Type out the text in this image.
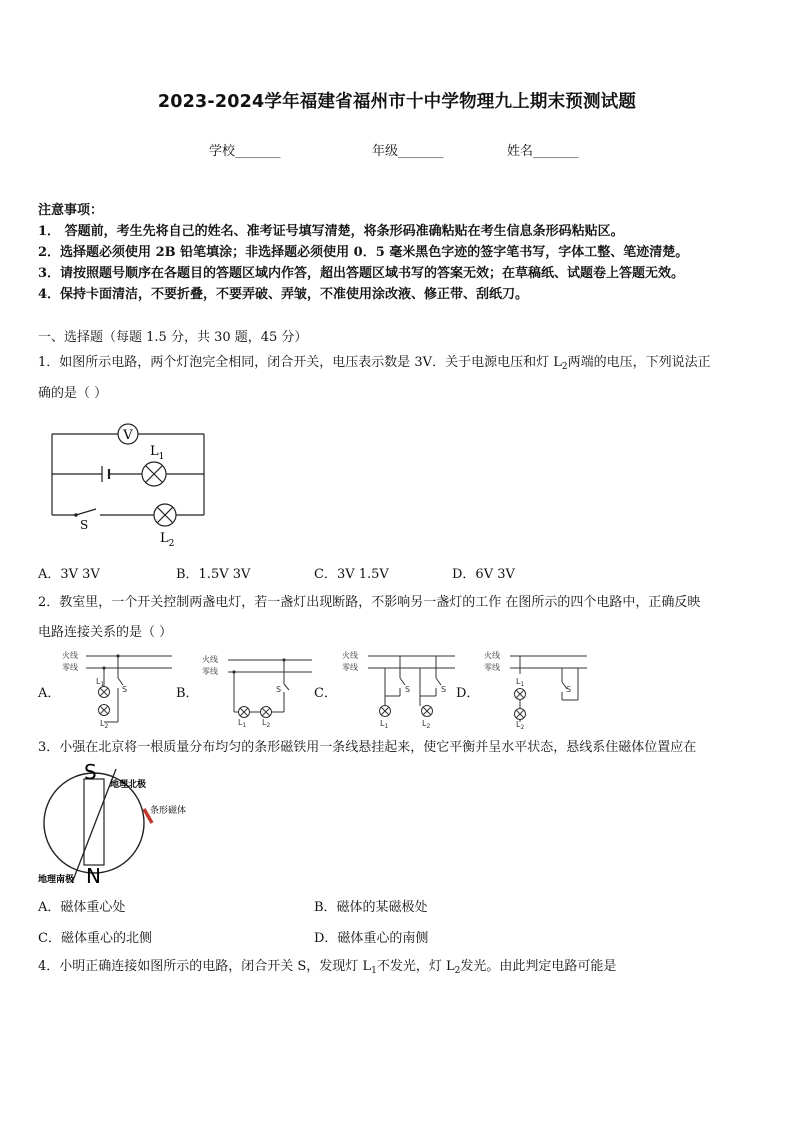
2023-2024学年福建省福州市十中学物理九上期末预测试题
学校_______	年级_______	姓名_______
注意事项：
1． 答题前，考生先将自己的姓名、准考证号填写清楚，将条形码准确粘贴在考生信息条形码粘贴区。
2．选择题必须使用 2B 铅笔填涂；非选择题必须使用 0．5 毫米黑色字迹的签字笔书写，字体工整、笔迹清楚。
3．请按照题号顺序在各题目的答题区域内作答，超出答题区域书写的答案无效；在草稿纸、试题卷上答题无效。
4．保持卡面清洁，不要折叠，不要弄破、弄皱，不准使用涂改液、修正带、刮纸刀。
一、选择题（每题 1.5 分，共 30 题，45 分）
1．如图所示电路，两个灯泡完全相同，闭合开关，电压表示数是 3V．关于电源电压和灯 $L_2$两端的电压，下列说法正
确的是（ ）
V
$L_1$
S
$L_2$
A．3V 3V	B．1.5V 3V	C．3V 1.5V	D．6V 3V
2．教室里，一个开关控制两盏电灯，若一盏灯出现断路，不影响另一盏灯的工作 在图所示的四个电路中，正确反映
电路连接关系的是（ ）
A．	B．	C．	D．
火线
零线
$L_1$
S
$L_2$
火线
零线
S
$L_1$ $L_2$
火线
零线
S	S
$L_1$	$L_2$
火线
零线
$L_1$
S
$L_2$
3．小强在北京将一根质量分布均匀的条形磁铁用一条线悬挂起来，使它平衡并呈水平状态，悬线系住磁体位置应在
S
N
地理北极
条形磁体
地理南极
A．磁体重心处	B．磁体的某磁极处
C．磁体重心的北侧	D．磁体重心的南侧
4．小明正确连接如图所示的电路，闭合开关 S，发现灯 $L_1$不发光，灯 $L_2$发光。由此判定电路可能是
